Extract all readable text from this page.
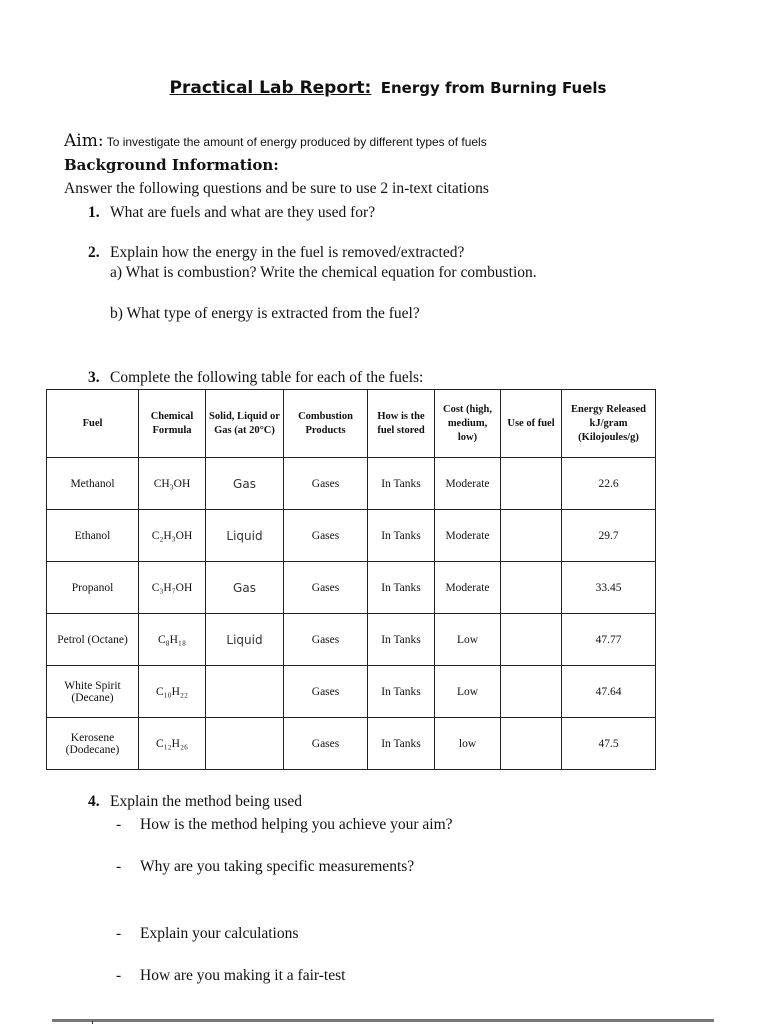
Practical Lab Report: Energy from Burning Fuels
Aim: To investigate the amount of energy produced by different types of fuels
Background Information:
Answer the following questions and be sure to use 2 in-text citations
1. What are fuels and what are they used for?
2. Explain how the energy in the fuel is removed/extracted?
a) What is combustion? Write the chemical equation for combustion.
b) What type of energy is extracted from the fuel?
3. Complete the following table for each of the fuels:
Fuel	Chemical Formula	Solid, Liquid or Gas (at 20°C)	Combustion Products	How is the fuel stored	Cost (high, medium, low)	Use of fuel	Energy Released kJ/gram (Kilojoules/g)
Methanol	CH₃OH	Gas	Gases	In Tanks	Moderate		22.6
Ethanol	C₂H₃OH	Liquid	Gases	In Tanks	Moderate		29.7
Propanol	C₃H₇OH	Gas	Gases	In Tanks	Moderate		33.45
Petrol (Octane)	C₈H₁₈	Liquid	Gases	In Tanks	Low		47.77
White Spirit (Decane)	C₁₀H₂₂		Gases	In Tanks	Low		47.64
Kerosene (Dodecane)	C₁₂H₂₆		Gases	In Tanks	low		47.5
4. Explain the method being used
- How is the method helping you achieve your aim?
- Why are you taking specific measurements?
- Explain your calculations
- How are you making it a fair-test
